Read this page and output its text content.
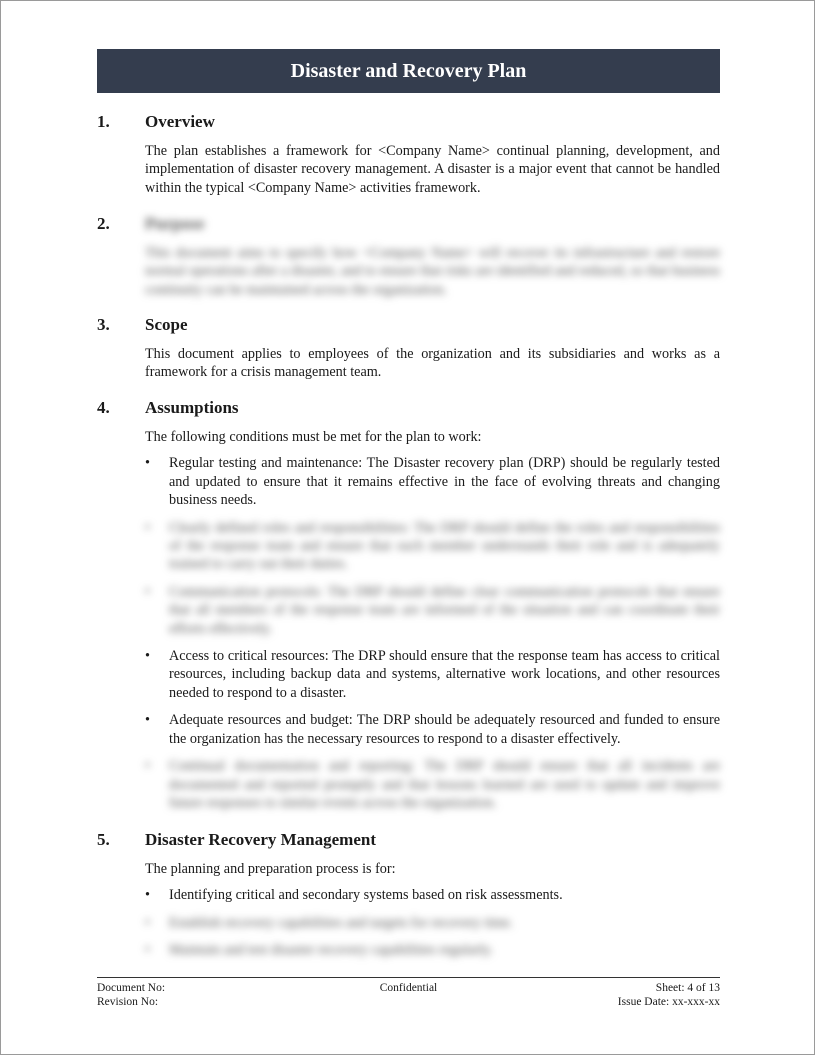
Disaster and Recovery Plan
1. Overview

The plan establishes a framework for <Company Name> continual planning, development, and implementation of disaster recovery management. A disaster is a major event that cannot be handled within the typical <Company Name> activities framework.

2. Purpose

This document aims to specify how <Company Name> will recover its infrastructure and restore normal operations after a disaster, and to ensure that risks are identified and reduced, so that business continuity can be maintained across the organization.

3. Scope

This document applies to employees of the organization and its subsidiaries and works as a framework for a crisis management team.

4. Assumptions

The following conditions must be met for the plan to work:

•	Regular testing and maintenance: The Disaster recovery plan (DRP) should be regularly tested and updated to ensure that it remains effective in the face of evolving threats and changing business needs.
•	Clearly defined roles and responsibilities: The DRP should define the roles and responsibilities of the response team and ensure that each member understands their role and is adequately trained to carry out their duties.
•	Communication protocols: The DRP should define clear communication protocols that ensure that all members of the response team are informed of the situation and can coordinate their efforts effectively.
•	Access to critical resources: The DRP should ensure that the response team has access to critical resources, including backup data and systems, alternative work locations, and other resources needed to respond to a disaster.
•	Adequate resources and budget: The DRP should be adequately resourced and funded to ensure the organization has the necessary resources to respond to a disaster effectively.
•	Continual documentation and reporting: The DRP should ensure that all incidents are documented and reported promptly and that lessons learned are used to update and improve future responses to similar events across the organization.
5. Disaster Recovery Management

The planning and preparation process is for:

•	Identifying critical and secondary systems based on risk assessments.
•	Establish recovery capabilities and targets for recovery time.
•	Maintain and test disaster recovery capabilities regularly.
Document No:	Confidential	Sheet: 4 of 13
Revision No:	Issue Date: xx-xxx-xx
